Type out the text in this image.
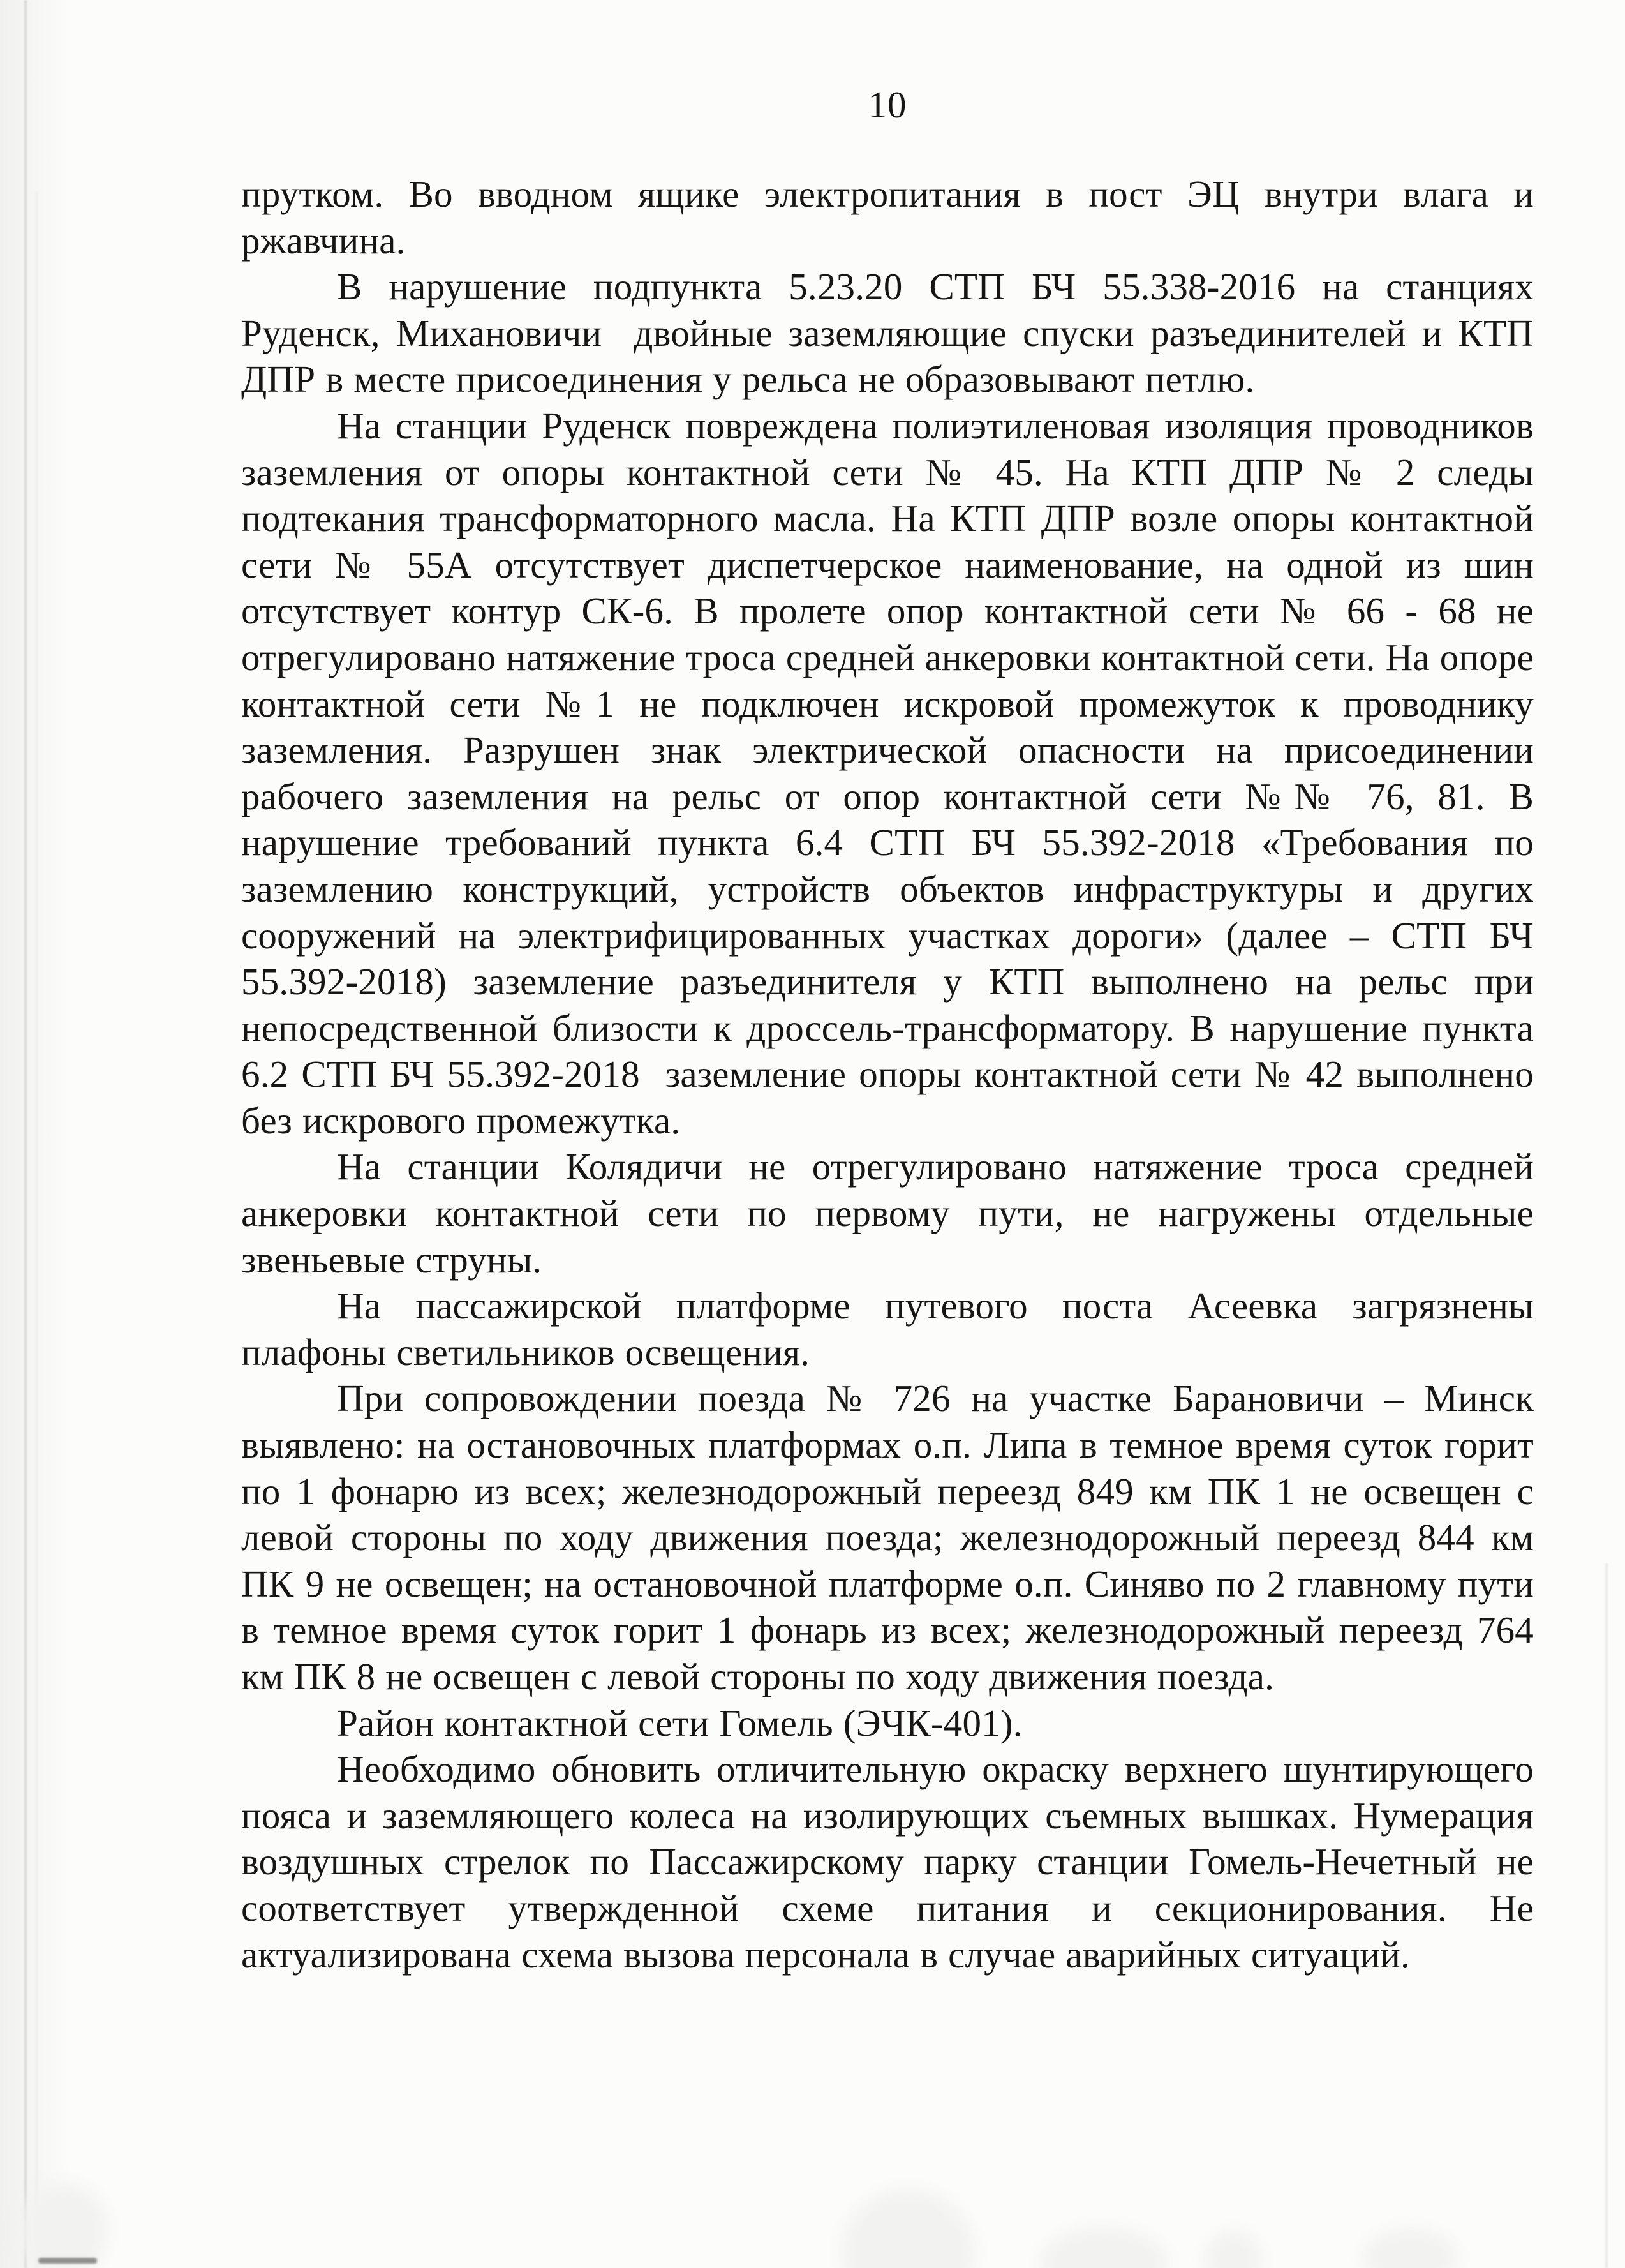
10

прутком. Во вводном ящике электропитания в пост ЭЦ внутри влага и ржавчина.

В нарушение подпункта 5.23.20 СТП БЧ 55.338-2016 на станциях Руденск, Михановичи  двойные заземляющие спуски разъединителей и КТП ДПР в месте присоединения у рельса не образовывают петлю.

На станции Руденск повреждена полиэтиленовая изоляция проводников заземления от опоры контактной сети № 45. На КТП ДПР № 2 следы подтекания трансформаторного масла. На КТП ДПР возле опоры контактной сети № 55А отсутствует диспетчерское наименование, на одной из шин отсутствует контур СК-6. В пролете опор контактной сети № 66 - 68 не отрегулировано натяжение троса средней анкеровки контактной сети. На опоре контактной сети №1 не подключен искровой промежуток к проводнику заземления. Разрушен знак электрической опасности на присоединении рабочего заземления на рельс от опор контактной сети №№ 76, 81. В нарушение требований пункта 6.4 СТП БЧ 55.392-2018 «Требования по заземлению конструкций, устройств объектов инфраструктуры и других сооружений на электрифицированных участках дороги» (далее – СТП БЧ 55.392-2018) заземление разъединителя у КТП выполнено на рельс при непосредственной близости к дроссель-трансформатору. В нарушение пункта 6.2 СТП БЧ 55.392-2018  заземление опоры контактной сети № 42 выполнено без искрового промежутка.

На станции Колядичи не отрегулировано натяжение троса средней анкеровки контактной сети по первому пути, не нагружены отдельные звеньевые струны.

На пассажирской платформе путевого поста Асеевка загрязнены плафоны светильников освещения.

При сопровождении поезда № 726 на участке Барановичи – Минск выявлено: на остановочных платформах о.п. Липа в темное время суток горит по 1 фонарю из всех; железнодорожный переезд 849 км ПК 1 не освещен с левой стороны по ходу движения поезда; железнодорожный переезд 844 км ПК 9 не освещен; на остановочной платформе о.п. Синяво по 2 главному пути в темное время суток горит 1 фонарь из всех; железнодорожный переезд 764 км ПК 8 не освещен с левой стороны по ходу движения поезда.

Район контактной сети Гомель (ЭЧК-401).

Необходимо обновить отличительную окраску верхнего шунтирующего пояса и заземляющего колеса на изолирующих съемных вышках. Нумерация воздушных стрелок по Пассажирскому парку станции Гомель-Нечетный не соответствует утвержденной схеме питания и секционирования. Не актуализирована схема вызова персонала в случае аварийных ситуаций.
